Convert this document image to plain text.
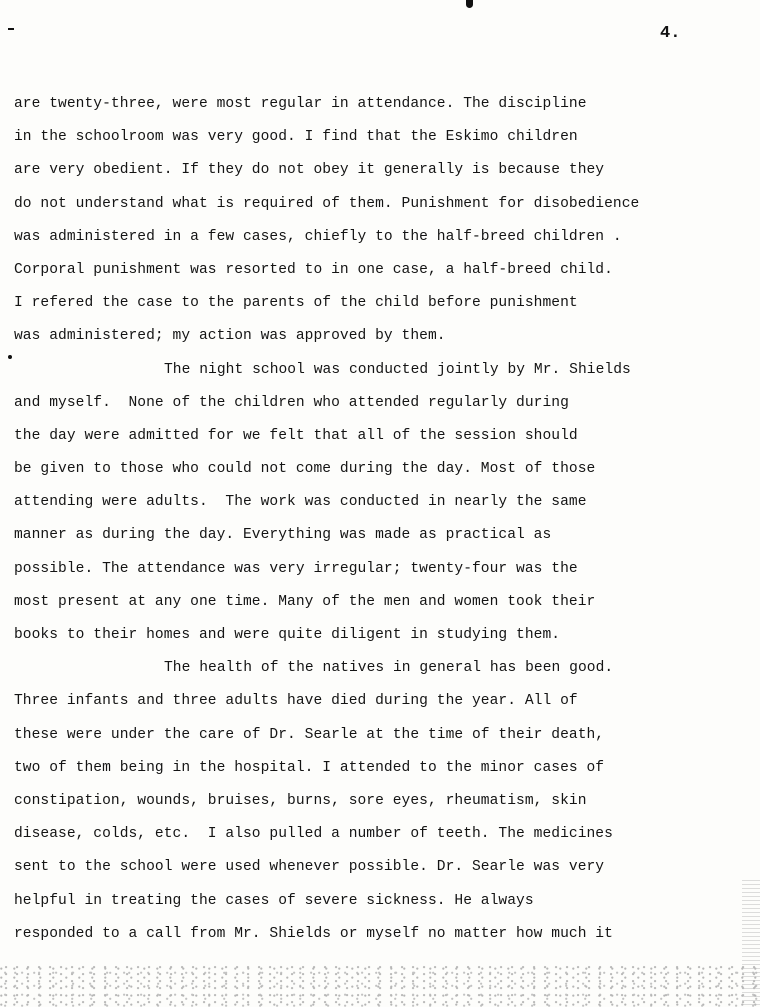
4.
are twenty-three, were most regular in attendance. The discipline
in the schoolroom was very good. I find that the Eskimo children
are very obedient. If they do not obey it generally is because they
do not understand what is required of them. Punishment for disobedience
was administered in a few cases, chiefly to the half-breed children .
Corporal punishment was resorted to in one case, a half-breed child.
I refered the case to the parents of the child before punishment
was administered; my action was approved by them.
The night school was conducted jointly by Mr. Shields
and myself.  None of the children who attended regularly during
the day were admitted for we felt that all of the session should
be given to those who could not come during the day. Most of those
attending were adults.  The work was conducted in nearly the same
manner as during the day. Everything was made as practical as
possible. The attendance was very irregular; twenty-four was the
most present at any one time. Many of the men and women took their
books to their homes and were quite diligent in studying them.
The health of the natives in general has been good.
Three infants and three adults have died during the year. All of
these were under the care of Dr. Searle at the time of their death,
two of them being in the hospital. I attended to the minor cases of
constipation, wounds, bruises, burns, sore eyes, rheumatism, skin
disease, colds, etc.  I also pulled a number of teeth. The medicines
sent to the school were used whenever possible. Dr. Searle was very
helpful in treating the cases of severe sickness. He always
responded to a call from Mr. Shields or myself no matter how much it
